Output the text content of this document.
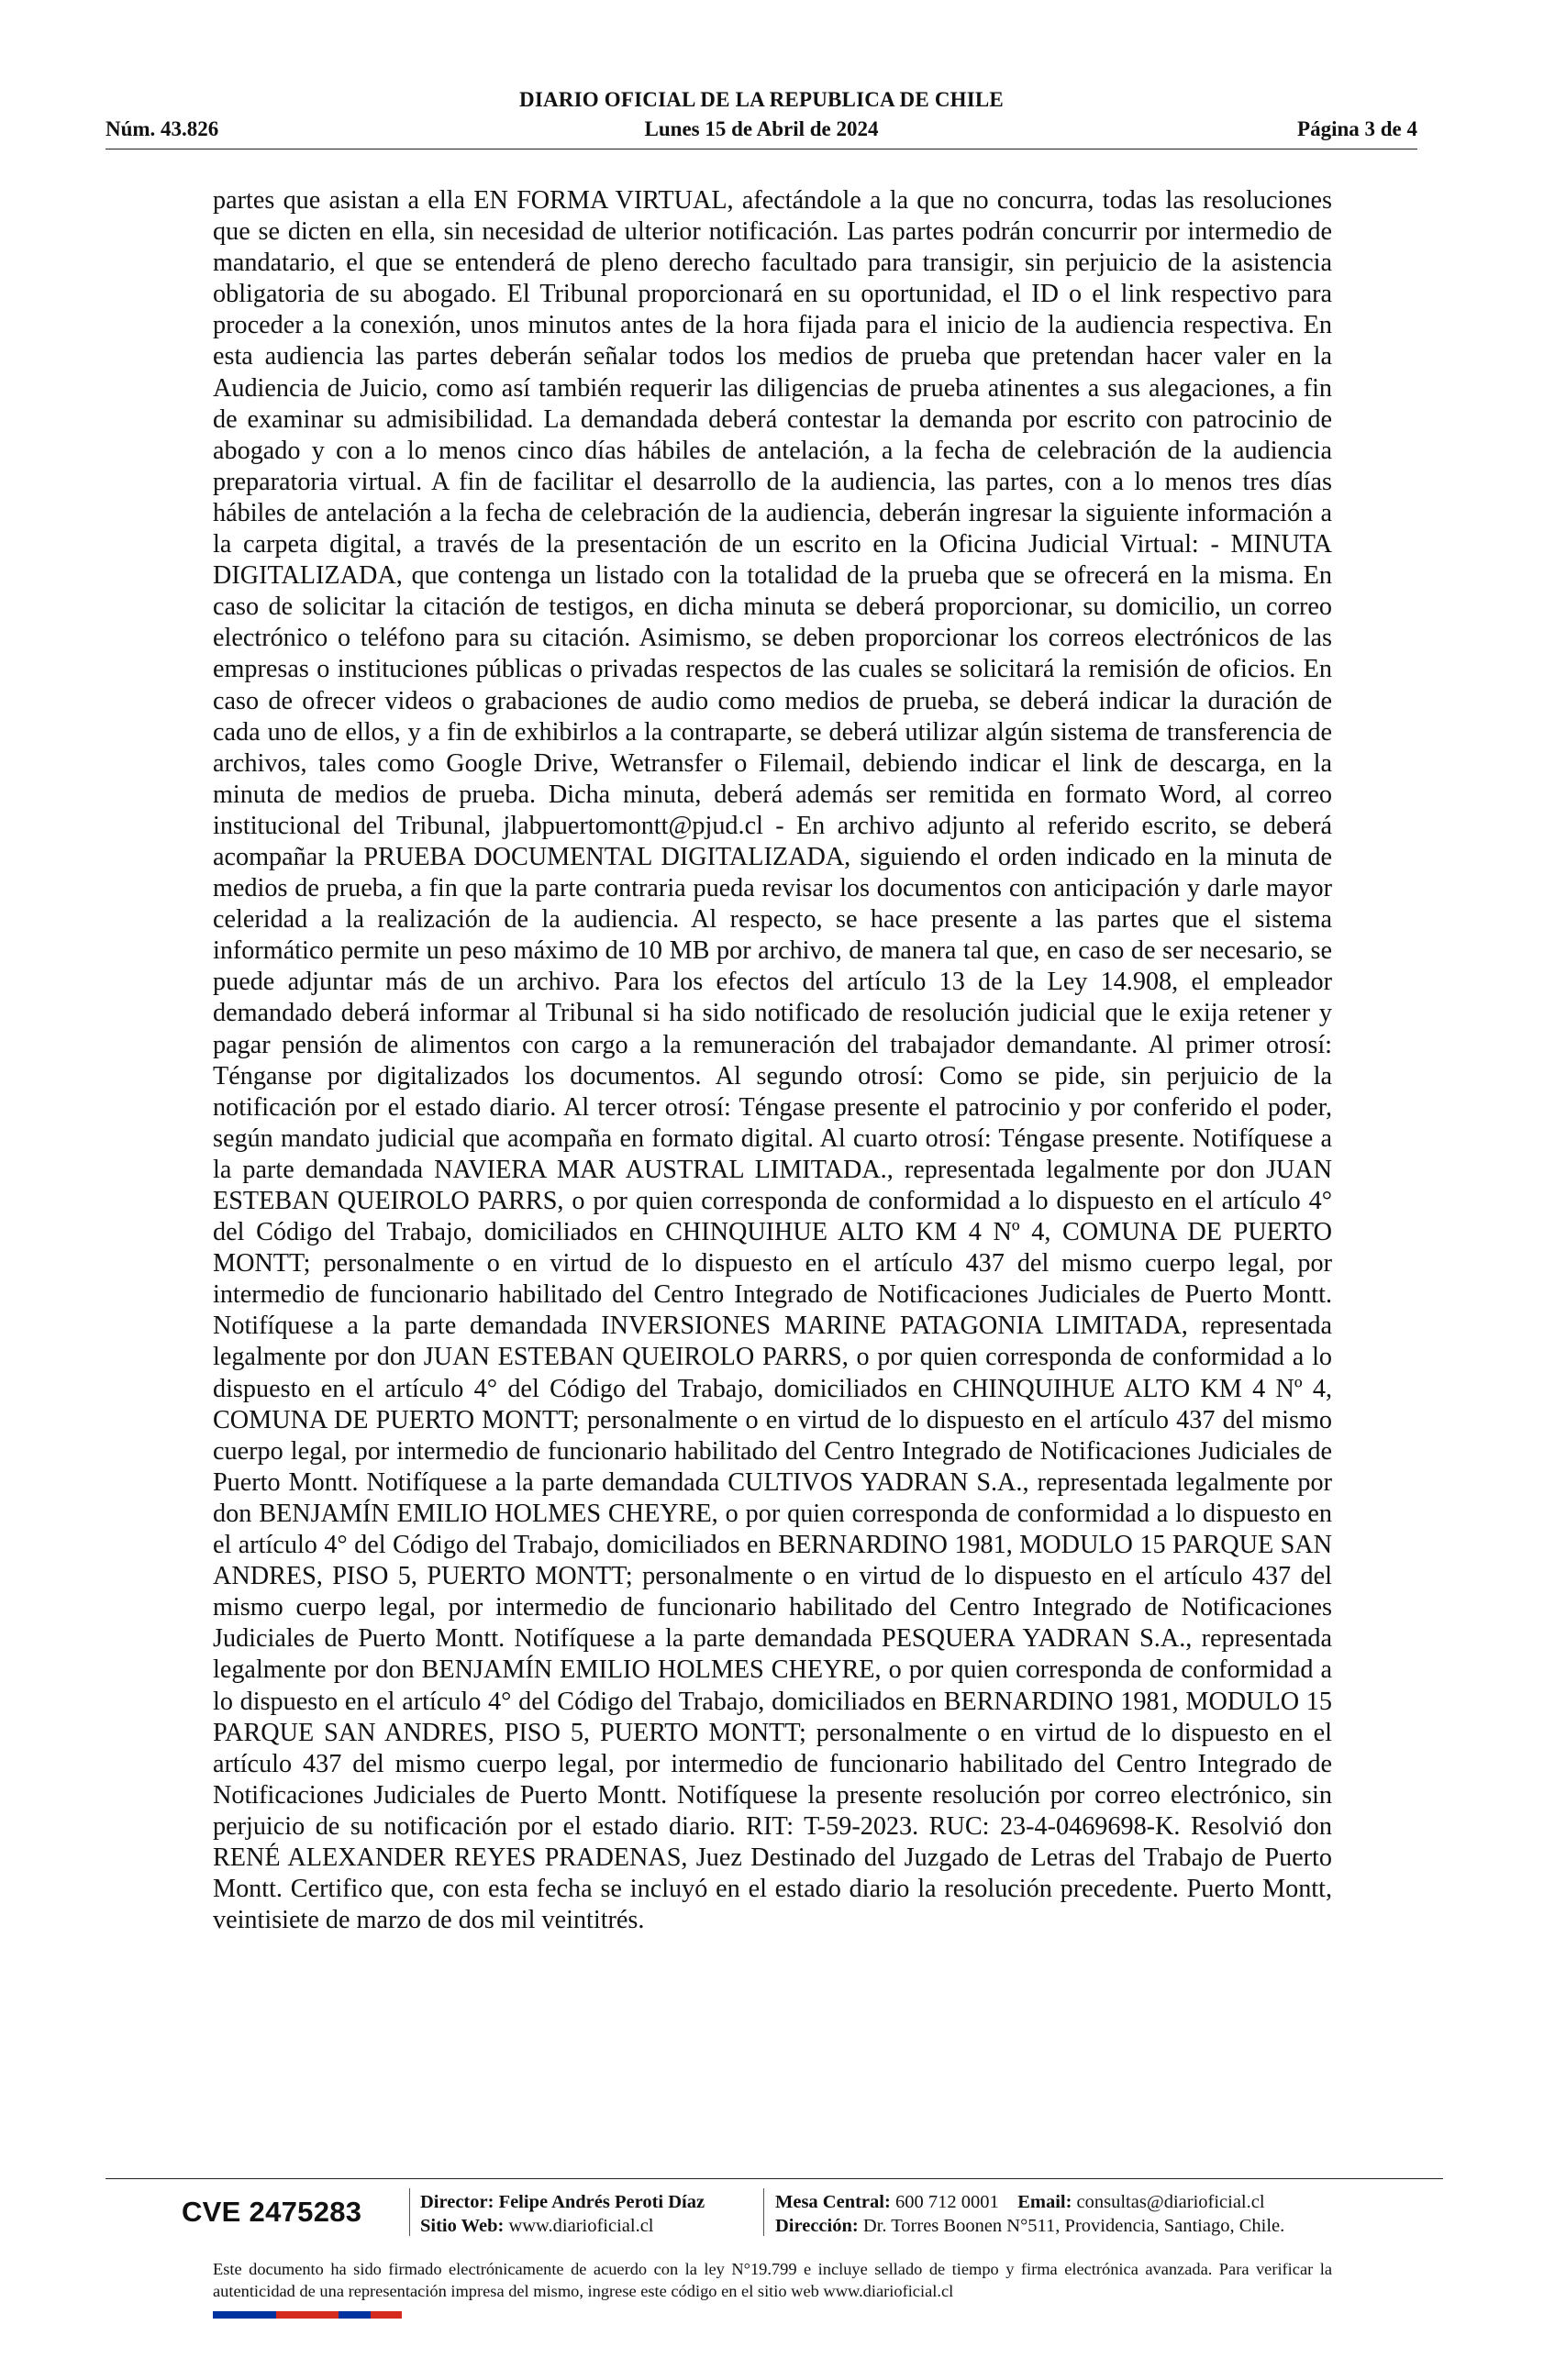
DIARIO OFICIAL DE LA REPUBLICA DE CHILE
Núm. 43.826	Lunes 15 de Abril de 2024	Página 3 de 4
partes que asistan a ella EN FORMA VIRTUAL, afectándole a la que no concurra, todas las resoluciones que se dicten en ella, sin necesidad de ulterior notificación. Las partes podrán concurrir por intermedio de mandatario, el que se entenderá de pleno derecho facultado para transigir, sin perjuicio de la asistencia obligatoria de su abogado. El Tribunal proporcionará en su oportunidad, el ID o el link respectivo para proceder a la conexión, unos minutos antes de la hora fijada para el inicio de la audiencia respectiva. En esta audiencia las partes deberán señalar todos los medios de prueba que pretendan hacer valer en la Audiencia de Juicio, como así también requerir las diligencias de prueba atinentes a sus alegaciones, a fin de examinar su admisibilidad. La demandada deberá contestar la demanda por escrito con patrocinio de abogado y con a lo menos cinco días hábiles de antelación, a la fecha de celebración de la audiencia preparatoria virtual. A fin de facilitar el desarrollo de la audiencia, las partes, con a lo menos tres días hábiles de antelación a la fecha de celebración de la audiencia, deberán ingresar la siguiente información a la carpeta digital, a través de la presentación de un escrito en la Oficina Judicial Virtual: - MINUTA DIGITALIZADA, que contenga un listado con la totalidad de la prueba que se ofrecerá en la misma. En caso de solicitar la citación de testigos, en dicha minuta se deberá proporcionar, su domicilio, un correo electrónico o teléfono para su citación. Asimismo, se deben proporcionar los correos electrónicos de las empresas o instituciones públicas o privadas respectos de las cuales se solicitará la remisión de oficios. En caso de ofrecer videos o grabaciones de audio como medios de prueba, se deberá indicar la duración de cada uno de ellos, y a fin de exhibirlos a la contraparte, se deberá utilizar algún sistema de transferencia de archivos, tales como Google Drive, Wetransfer o Filemail, debiendo indicar el link de descarga, en la minuta de medios de prueba. Dicha minuta, deberá además ser remitida en formato Word, al correo institucional del Tribunal, jlabpuertomontt@pjud.cl - En archivo adjunto al referido escrito, se deberá acompañar la PRUEBA DOCUMENTAL DIGITALIZADA, siguiendo el orden indicado en la minuta de medios de prueba, a fin que la parte contraria pueda revisar los documentos con anticipación y darle mayor celeridad a la realización de la audiencia. Al respecto, se hace presente a las partes que el sistema informático permite un peso máximo de 10 MB por archivo, de manera tal que, en caso de ser necesario, se puede adjuntar más de un archivo. Para los efectos del artículo 13 de la Ley 14.908, el empleador demandado deberá informar al Tribunal si ha sido notificado de resolución judicial que le exija retener y pagar pensión de alimentos con cargo a la remuneración del trabajador demandante. Al primer otrosí: Ténganse por digitalizados los documentos. Al segundo otrosí: Como se pide, sin perjuicio de la notificación por el estado diario. Al tercer otrosí: Téngase presente el patrocinio y por conferido el poder, según mandato judicial que acompaña en formato digital. Al cuarto otrosí: Téngase presente. Notifíquese a la parte demandada NAVIERA MAR AUSTRAL LIMITADA., representada legalmente por don JUAN ESTEBAN QUEIROLO PARRS, o por quien corresponda de conformidad a lo dispuesto en el artículo 4° del Código del Trabajo, domiciliados en CHINQUIHUE ALTO KM 4 Nº 4, COMUNA DE PUERTO MONTT; personalmente o en virtud de lo dispuesto en el artículo 437 del mismo cuerpo legal, por intermedio de funcionario habilitado del Centro Integrado de Notificaciones Judiciales de Puerto Montt. Notifíquese a la parte demandada INVERSIONES MARINE PATAGONIA LIMITADA, representada legalmente por don JUAN ESTEBAN QUEIROLO PARRS, o por quien corresponda de conformidad a lo dispuesto en el artículo 4° del Código del Trabajo, domiciliados en CHINQUIHUE ALTO KM 4 Nº 4, COMUNA DE PUERTO MONTT; personalmente o en virtud de lo dispuesto en el artículo 437 del mismo cuerpo legal, por intermedio de funcionario habilitado del Centro Integrado de Notificaciones Judiciales de Puerto Montt. Notifíquese a la parte demandada CULTIVOS YADRAN S.A., representada legalmente por don BENJAMÍN EMILIO HOLMES CHEYRE, o por quien corresponda de conformidad a lo dispuesto en el artículo 4° del Código del Trabajo, domiciliados en BERNARDINO 1981, MODULO 15 PARQUE SAN ANDRES, PISO 5, PUERTO MONTT; personalmente o en virtud de lo dispuesto en el artículo 437 del mismo cuerpo legal, por intermedio de funcionario habilitado del Centro Integrado de Notificaciones Judiciales de Puerto Montt. Notifíquese a la parte demandada PESQUERA YADRAN S.A., representada legalmente por don BENJAMÍN EMILIO HOLMES CHEYRE, o por quien corresponda de conformidad a lo dispuesto en el artículo 4° del Código del Trabajo, domiciliados en BERNARDINO 1981, MODULO 15 PARQUE SAN ANDRES, PISO 5, PUERTO MONTT; personalmente o en virtud de lo dispuesto en el artículo 437 del mismo cuerpo legal, por intermedio de funcionario habilitado del Centro Integrado de Notificaciones Judiciales de Puerto Montt. Notifíquese la presente resolución por correo electrónico, sin perjuicio de su notificación por el estado diario. RIT: T-59-2023. RUC: 23-4-0469698-K. Resolvió don RENÉ ALEXANDER REYES PRADENAS, Juez Destinado del Juzgado de Letras del Trabajo de Puerto Montt. Certifico que, con esta fecha se incluyó en el estado diario la resolución precedente. Puerto Montt, veintisiete de marzo de dos mil veintitrés.
CVE 2475283	Director: Felipe Andrés Peroti Díaz
Sitio Web: www.diarioficial.cl
Mesa Central: 600 712 0001 Email: consultas@diarioficial.cl
Dirección: Dr. Torres Boonen N°511, Providencia, Santiago, Chile.
Este documento ha sido firmado electrónicamente de acuerdo con la ley N°19.799 e incluye sellado de tiempo y firma electrónica avanzada. Para verificar la autenticidad de una representación impresa del mismo, ingrese este código en el sitio web www.diarioficial.cl
